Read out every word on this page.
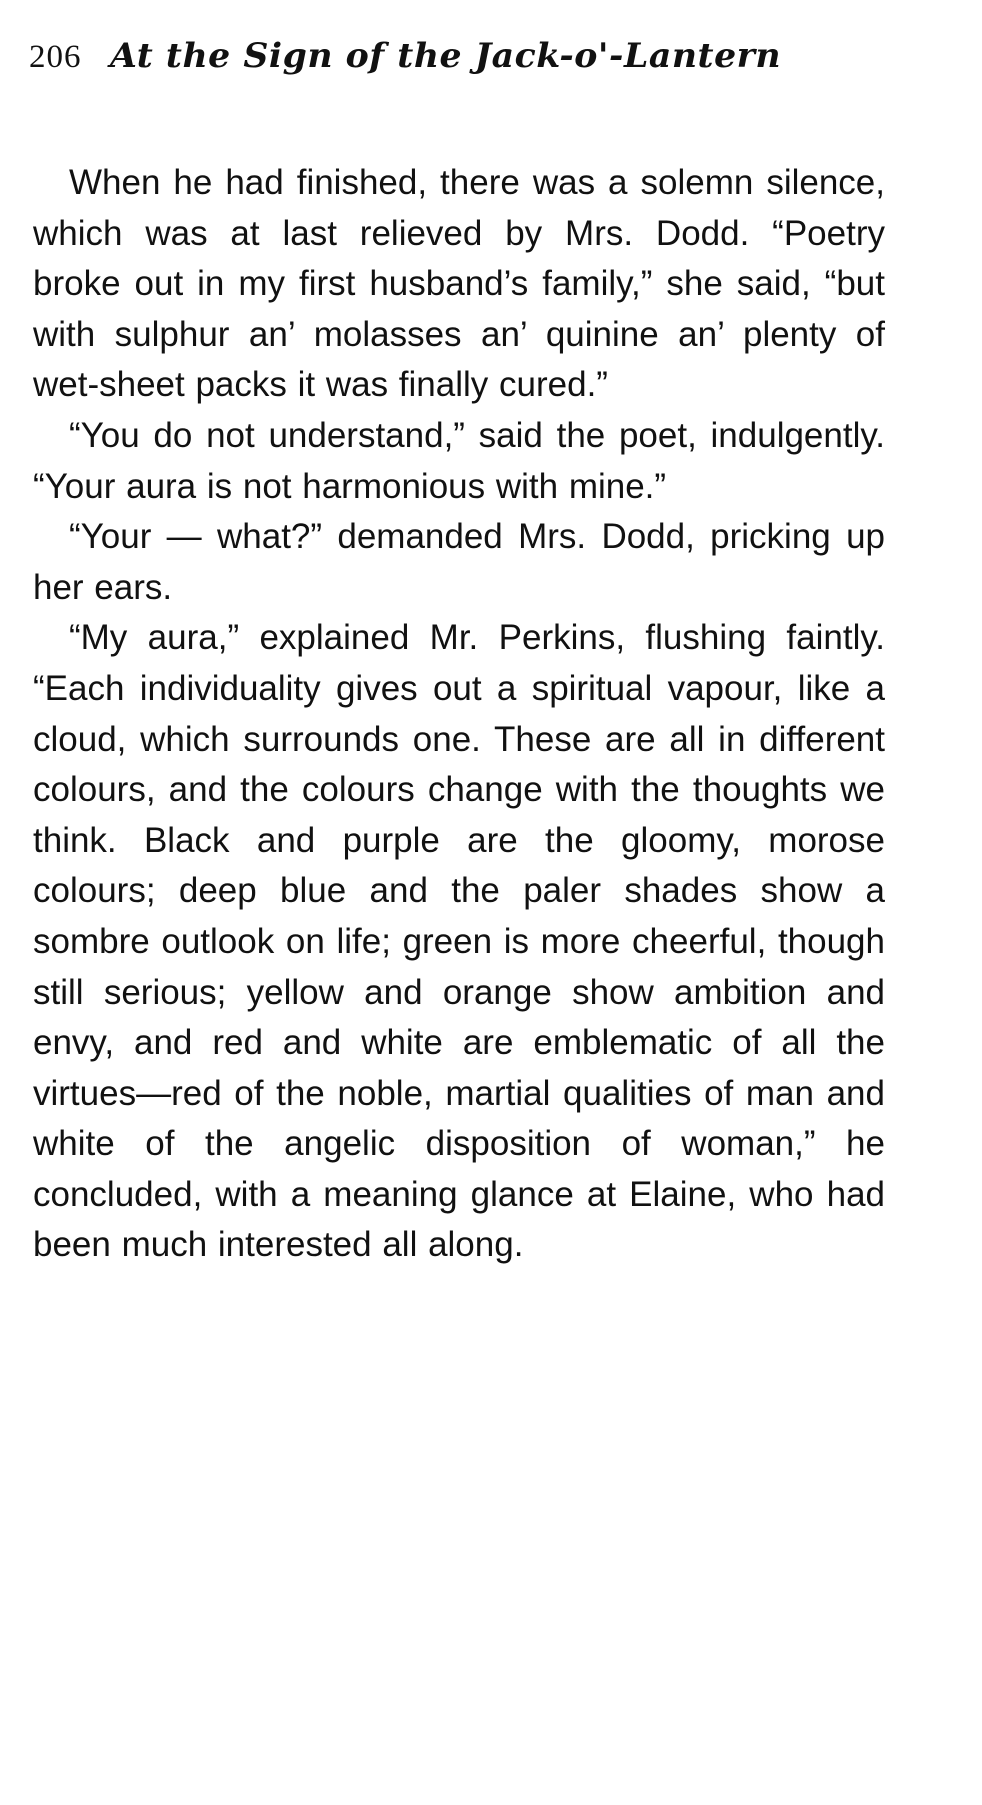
206 At the Sign of the Jack-o'-Lantern

When he had finished, there was a solemn silence, which was at last relieved by Mrs. Dodd. “Poetry broke out in my first husband’s family,” she said, “but with sulphur an’ molasses an’ quinine an’ plenty of wet-sheet packs it was finally cured.”

“You do not understand,” said the poet, indulgently. “Your aura is not harmonious with mine.”

“Your — what?” demanded Mrs. Dodd, pricking up her ears.

“My aura,” explained Mr. Perkins, flushing faintly. “Each individuality gives out a spiritual vapour, like a cloud, which surrounds one. These are all in different colours, and the colours change with the thoughts we think. Black and purple are the gloomy, morose colours; deep blue and the paler shades show a sombre outlook on life; green is more cheerful, though still serious; yellow and orange show ambition and envy, and red and white are emblematic of all the virtues—red of the noble, martial qualities of man and white of the angelic disposition of woman,” he concluded, with a meaning glance at Elaine, who had been much interested all along.
